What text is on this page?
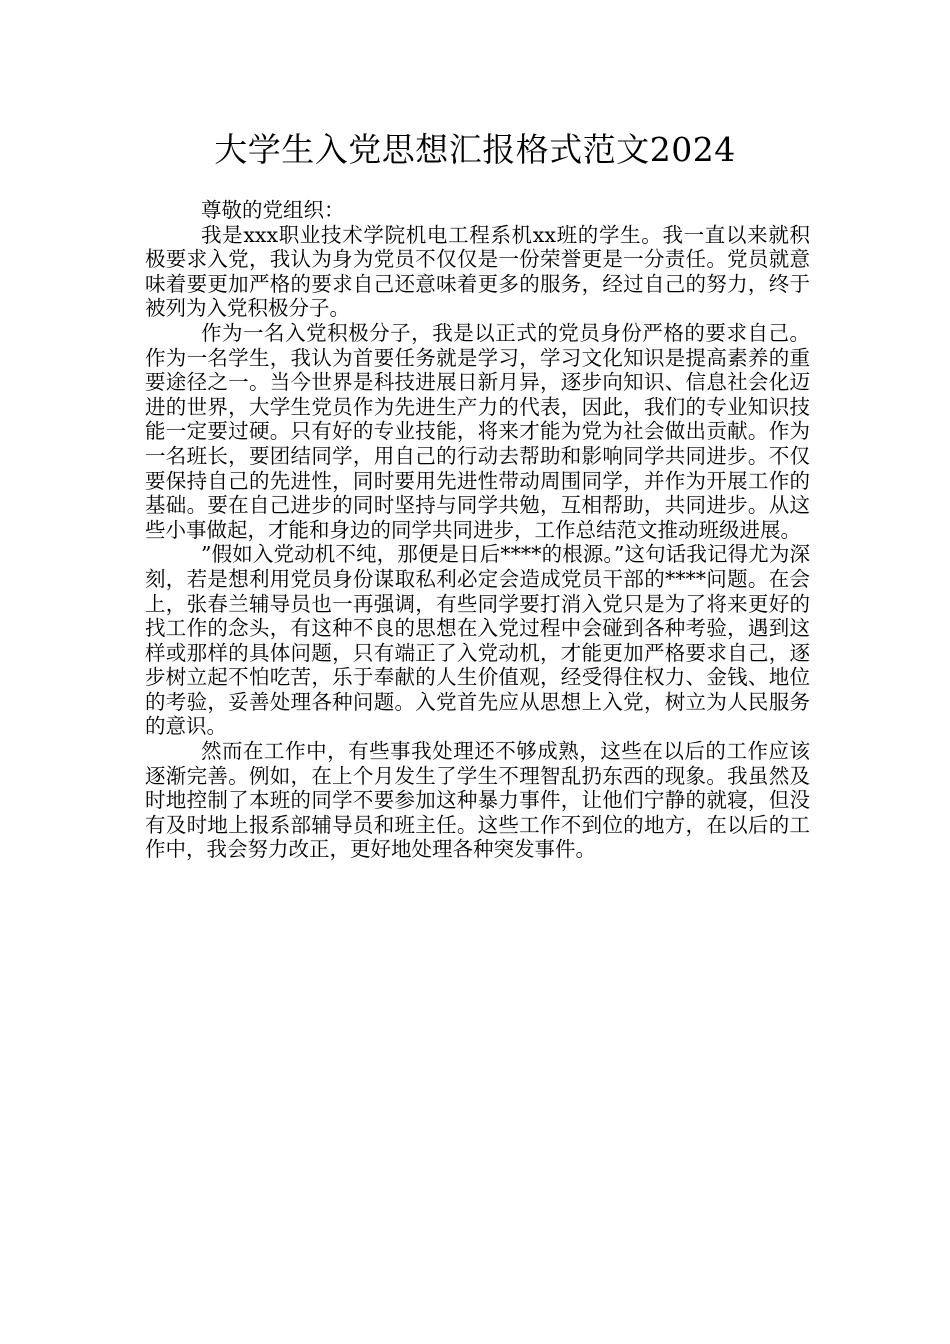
大学生入党思想汇报格式范文2024

尊敬的党组织：

我是xxx职业技术学院机电工程系机xx班的学生。我一直以来就积极要求入党，我认为身为党员不仅仅是一份荣誉更是一分责任。党员就意味着要更加严格的要求自己还意味着更多的服务，经过自己的努力，终于被列为入党积极分子。

作为一名入党积极分子，我是以正式的党员身份严格的要求自己。作为一名学生，我认为首要任务就是学习，学习文化知识是提高素养的重要途径之一。当今世界是科技进展日新月异，逐步向知识、信息社会化迈进的世界，大学生党员作为先进生产力的代表，因此，我们的专业知识技能一定要过硬。只有好的专业技能，将来才能为党为社会做出贡献。作为一名班长，要团结同学，用自己的行动去帮助和影响同学共同进步。不仅要保持自己的先进性，同时要用先进性带动周围同学，并作为开展工作的基础。要在自己进步的同时坚持与同学共勉，互相帮助，共同进步。从这些小事做起，才能和身边的同学共同进步，工作总结范文推动班级进展。

”假如入党动机不纯，那便是日后****的根源。”这句话我记得尤为深刻，若是想利用党员身份谋取私利必定会造成党员干部的****问题。在会上，张春兰辅导员也一再强调，有些同学要打消入党只是为了将来更好的找工作的念头，有这种不良的思想在入党过程中会碰到各种考验，遇到这样或那样的具体问题，只有端正了入党动机，才能更加严格要求自己，逐步树立起不怕吃苦，乐于奉献的人生价值观，经受得住权力、金钱、地位的考验，妥善处理各种问题。入党首先应从思想上入党，树立为人民服务的意识。

然而在工作中，有些事我处理还不够成熟，这些在以后的工作应该逐渐完善。例如，在上个月发生了学生不理智乱扔东西的现象。我虽然及时地控制了本班的同学不要参加这种暴力事件，让他们宁静的就寝，但没有及时地上报系部辅导员和班主任。这些工作不到位的地方，在以后的工作中，我会努力改正，更好地处理各种突发事件。
